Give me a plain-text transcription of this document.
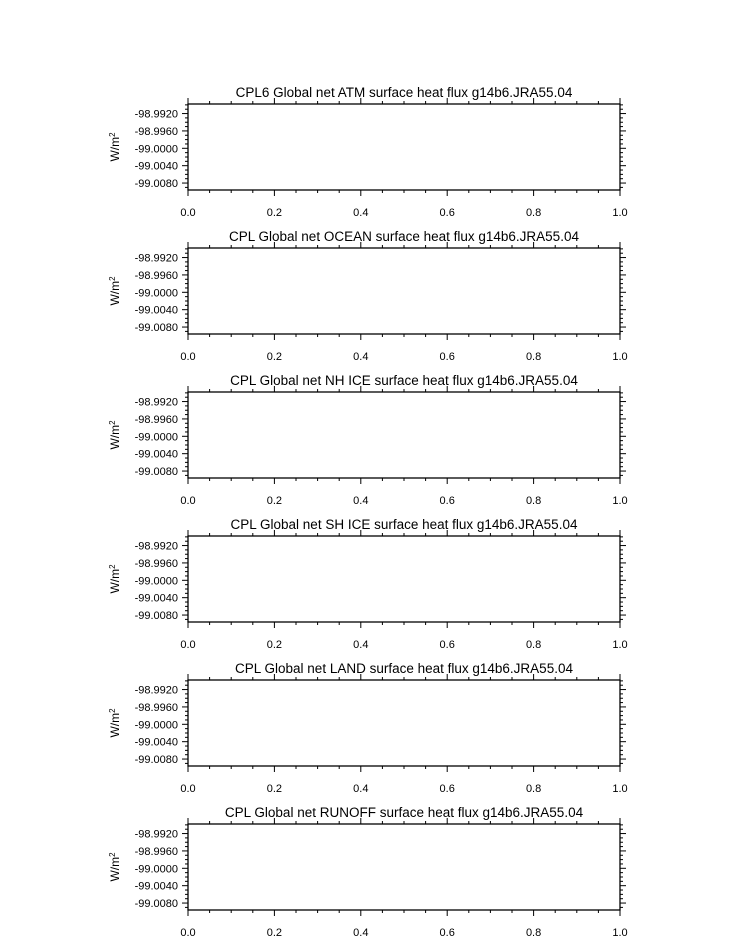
CPL6 Global net ATM surface heat flux g14b6.JRA55.04
0.0	0.2	0.4	0.6	0.8	1.0
-98.9920
-98.9960
-99.0000
-99.0040
-99.0080
$W/m^2$
CPL Global net OCEAN surface heat flux g14b6.JRA55.04
0.0	0.2	0.4	0.6	0.8	1.0
-98.9920
-98.9960
-99.0000
-99.0040
-99.0080
$W/m^2$
CPL Global net NH ICE surface heat flux g14b6.JRA55.04
0.0	0.2	0.4	0.6	0.8	1.0
-98.9920
-98.9960
-99.0000
-99.0040
-99.0080
$W/m^2$
CPL Global net SH ICE surface heat flux g14b6.JRA55.04
0.0	0.2	0.4	0.6	0.8	1.0
-98.9920
-98.9960
-99.0000
-99.0040
-99.0080
$W/m^2$
CPL Global net LAND surface heat flux g14b6.JRA55.04
0.0	0.2	0.4	0.6	0.8	1.0
-98.9920
-98.9960
-99.0000
-99.0040
-99.0080
$W/m^2$
CPL Global net RUNOFF surface heat flux g14b6.JRA55.04
0.0	0.2	0.4	0.6	0.8	1.0
-98.9920
-98.9960
-99.0000
-99.0040
-99.0080
$W/m^2$
